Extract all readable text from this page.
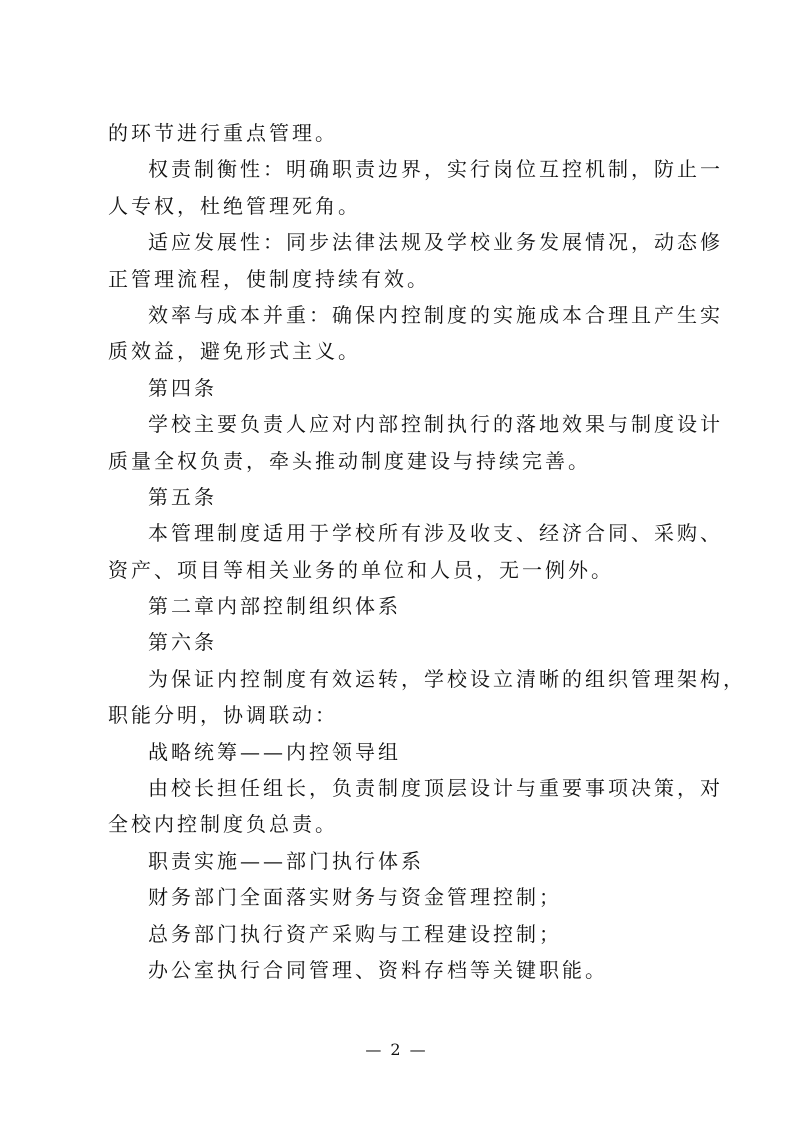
的环节进行重点管理。
权责制衡性：明确职责边界，实行岗位互控机制，防止一
人专权，杜绝管理死角。
适应发展性：同步法律法规及学校业务发展情况，动态修
正管理流程，使制度持续有效。
效率与成本并重：确保内控制度的实施成本合理且产生实
质效益，避免形式主义。
第四条
学校主要负责人应对内部控制执行的落地效果与制度设计
质量全权负责，牵头推动制度建设与持续完善。
第五条
本管理制度适用于学校所有涉及收支、经济合同、采购、
资产、项目等相关业务的单位和人员，无一例外。
第二章内部控制组织体系
第六条
为保证内控制度有效运转，学校设立清晰的组织管理架构，
职能分明，协调联动：
战略统筹——内控领导组
由校长担任组长，负责制度顶层设计与重要事项决策，对
全校内控制度负总责。
职责实施——部门执行体系
财务部门全面落实财务与资金管理控制；
总务部门执行资产采购与工程建设控制；
办公室执行合同管理、资料存档等关键职能。
— 2 —
